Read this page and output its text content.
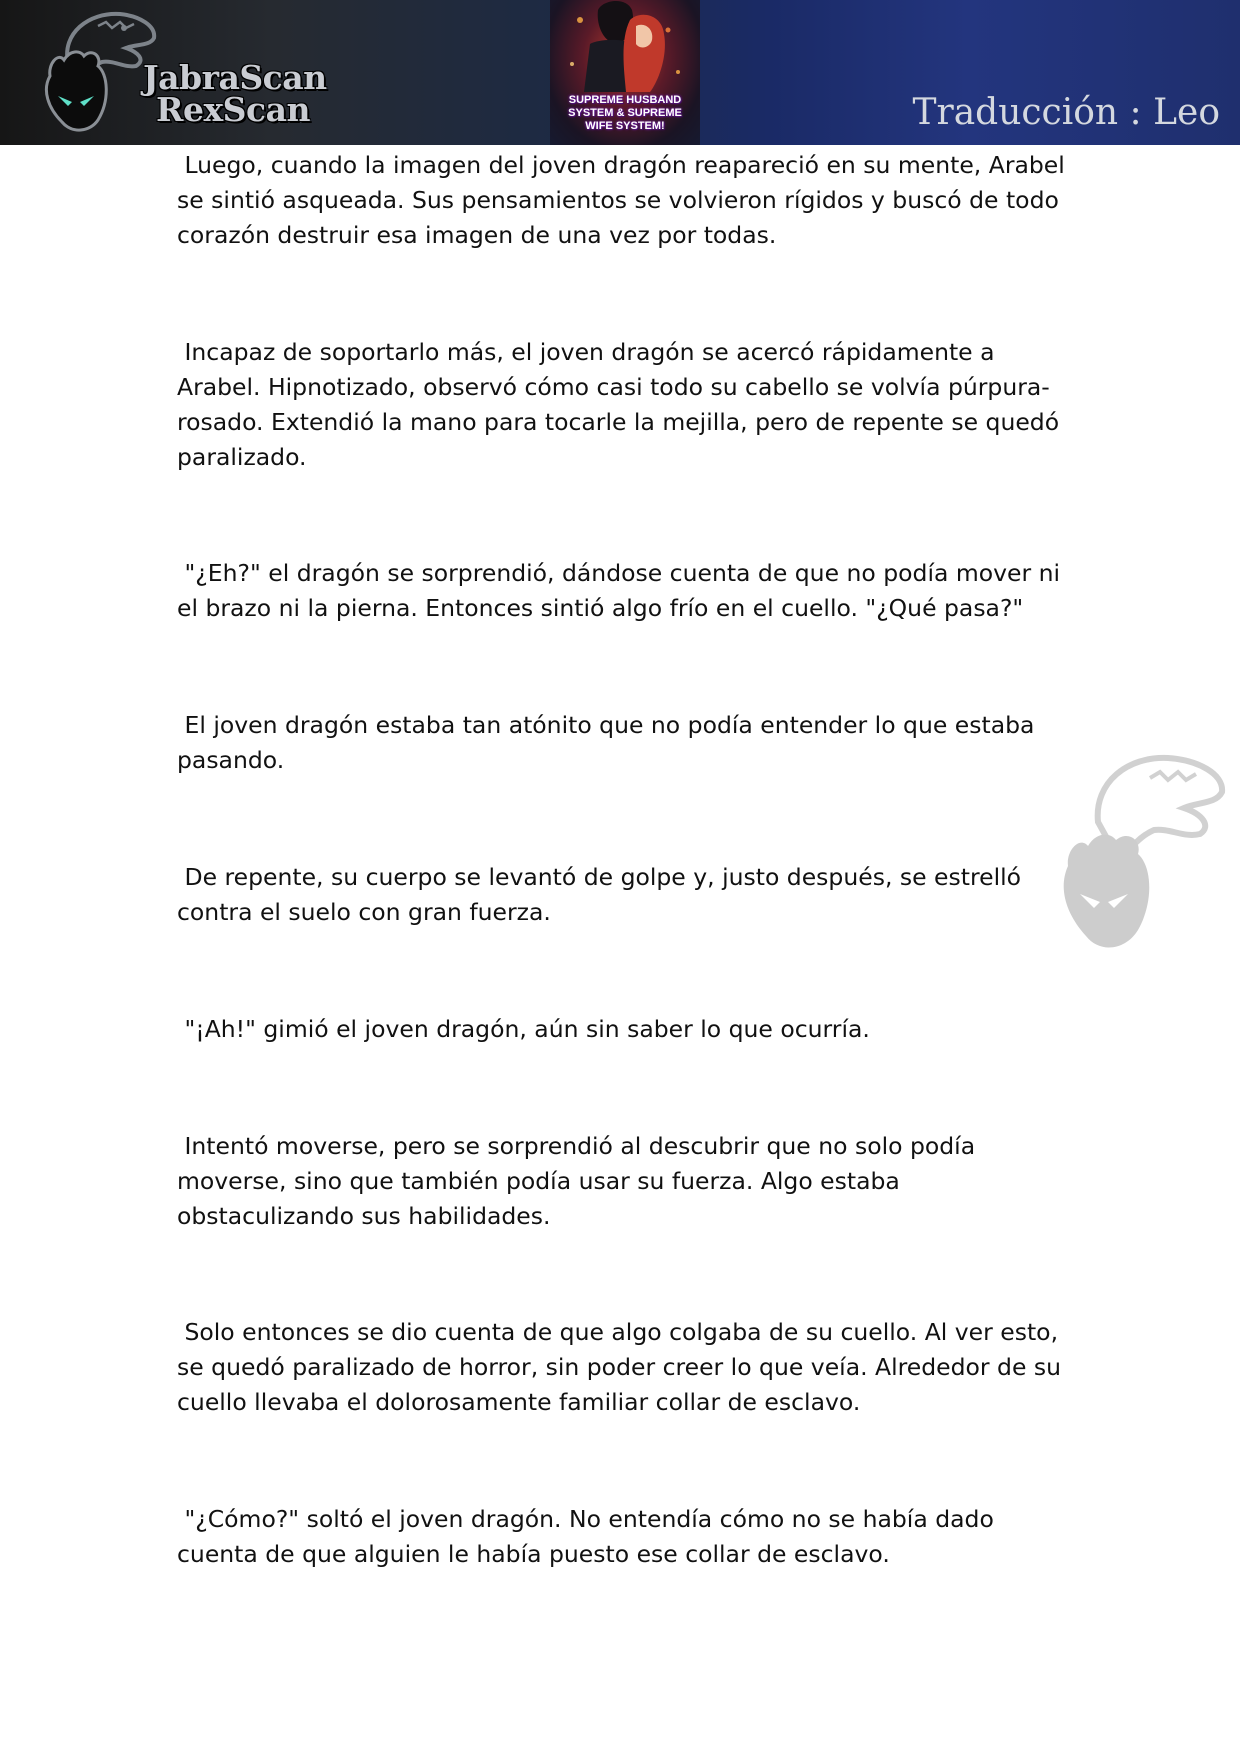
JabraScan
RexScan	SUPREME HUSBAND
SYSTEM & SUPREME
WIFE SYSTEM!	Traducción : Leo

Luego, cuando la imagen del joven dragón reapareció en su mente, Arabel se sintió asqueada. Sus pensamientos se volvieron rígidos y buscó de todo corazón destruir esa imagen de una vez por todas.

Incapaz de soportarlo más, el joven dragón se acercó rápidamente a Arabel. Hipnotizado, observó cómo casi todo su cabello se volvía púrpura-rosado. Extendió la mano para tocarle la mejilla, pero de repente se quedó paralizado.

"¿Eh?" el dragón se sorprendió, dándose cuenta de que no podía mover ni el brazo ni la pierna. Entonces sintió algo frío en el cuello. "¿Qué pasa?"

El joven dragón estaba tan atónito que no podía entender lo que estaba pasando.

De repente, su cuerpo se levantó de golpe y, justo después, se estrelló contra el suelo con gran fuerza.

"¡Ah!" gimió el joven dragón, aún sin saber lo que ocurría.

Intentó moverse, pero se sorprendió al descubrir que no solo podía moverse, sino que también podía usar su fuerza. Algo estaba obstaculizando sus habilidades.

Solo entonces se dio cuenta de que algo colgaba de su cuello. Al ver esto, se quedó paralizado de horror, sin poder creer lo que veía. Alrededor de su cuello llevaba el dolorosamente familiar collar de esclavo.

"¿Cómo?" soltó el joven dragón. No entendía cómo no se había dado cuenta de que alguien le había puesto ese collar de esclavo.
